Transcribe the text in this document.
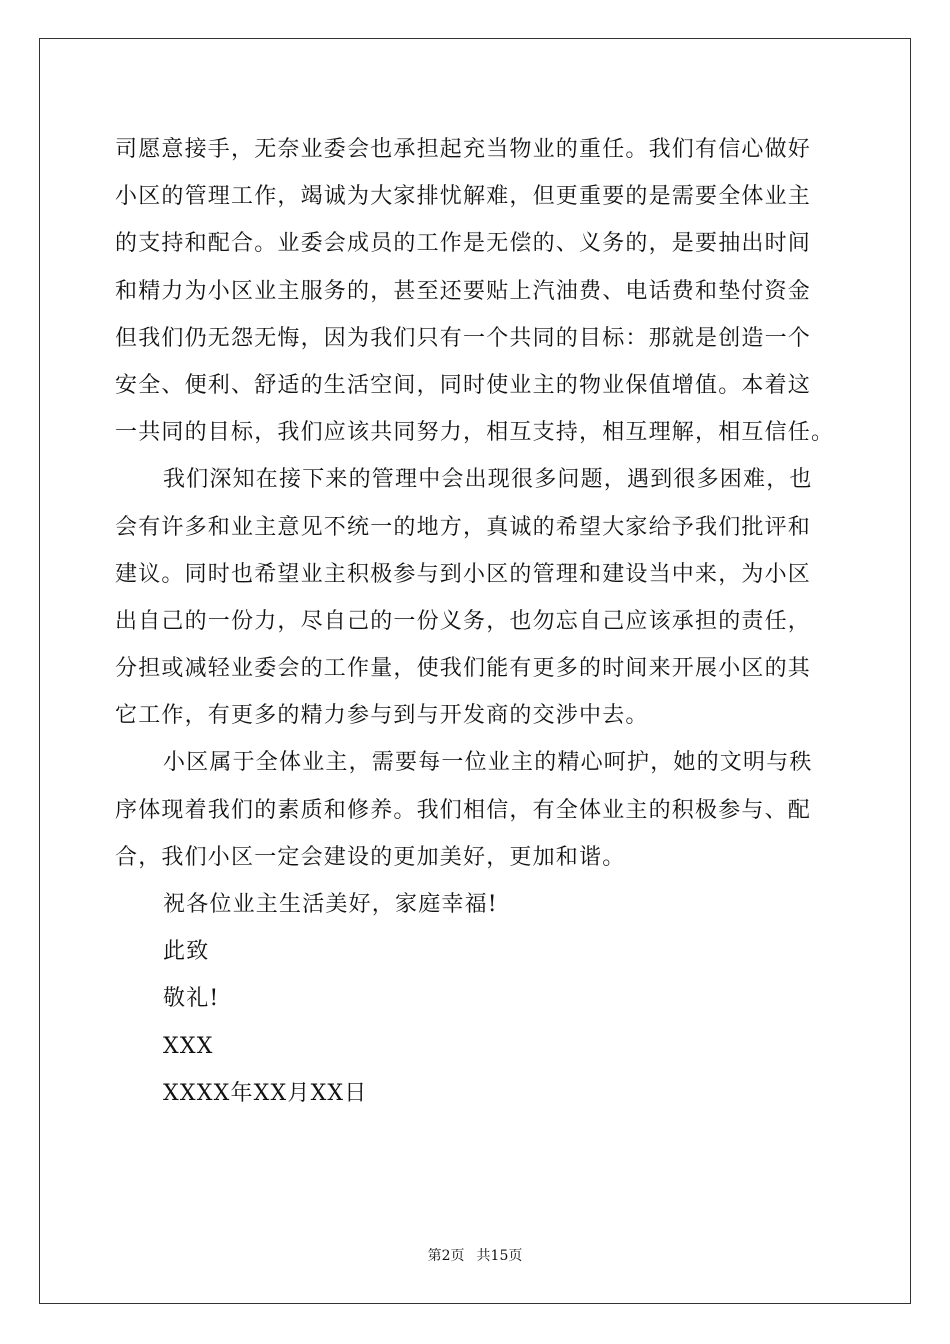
司愿意接手，无奈业委会也承担起充当物业的重任。我们有信心做好
小区的管理工作，竭诚为大家排忧解难，但更重要的是需要全体业主
的支持和配合。业委会成员的工作是无偿的、义务的，是要抽出时间
和精力为小区业主服务的，甚至还要贴上汽油费、电话费和垫付资金
但我们仍无怨无悔，因为我们只有一个共同的目标：那就是创造一个
安全、便利、舒适的生活空间，同时使业主的物业保值增值。本着这
一共同的目标，我们应该共同努力，相互支持，相互理解，相互信任。
我们深知在接下来的管理中会出现很多问题，遇到很多困难，也
会有许多和业主意见不统一的地方，真诚的希望大家给予我们批评和
建议。同时也希望业主积极参与到小区的管理和建设当中来，为小区
出自己的一份力，尽自己的一份义务，也勿忘自己应该承担的责任，
分担或减轻业委会的工作量，使我们能有更多的时间来开展小区的其
它工作，有更多的精力参与到与开发商的交涉中去。
小区属于全体业主，需要每一位业主的精心呵护，她的文明与秩
序体现着我们的素质和修养。我们相信，有全体业主的积极参与、配
合，我们小区一定会建设的更加美好，更加和谐。
祝各位业主生活美好，家庭幸福!
此致
敬礼!
XXX
XXXX年XX月XX日
第2页 共15页
